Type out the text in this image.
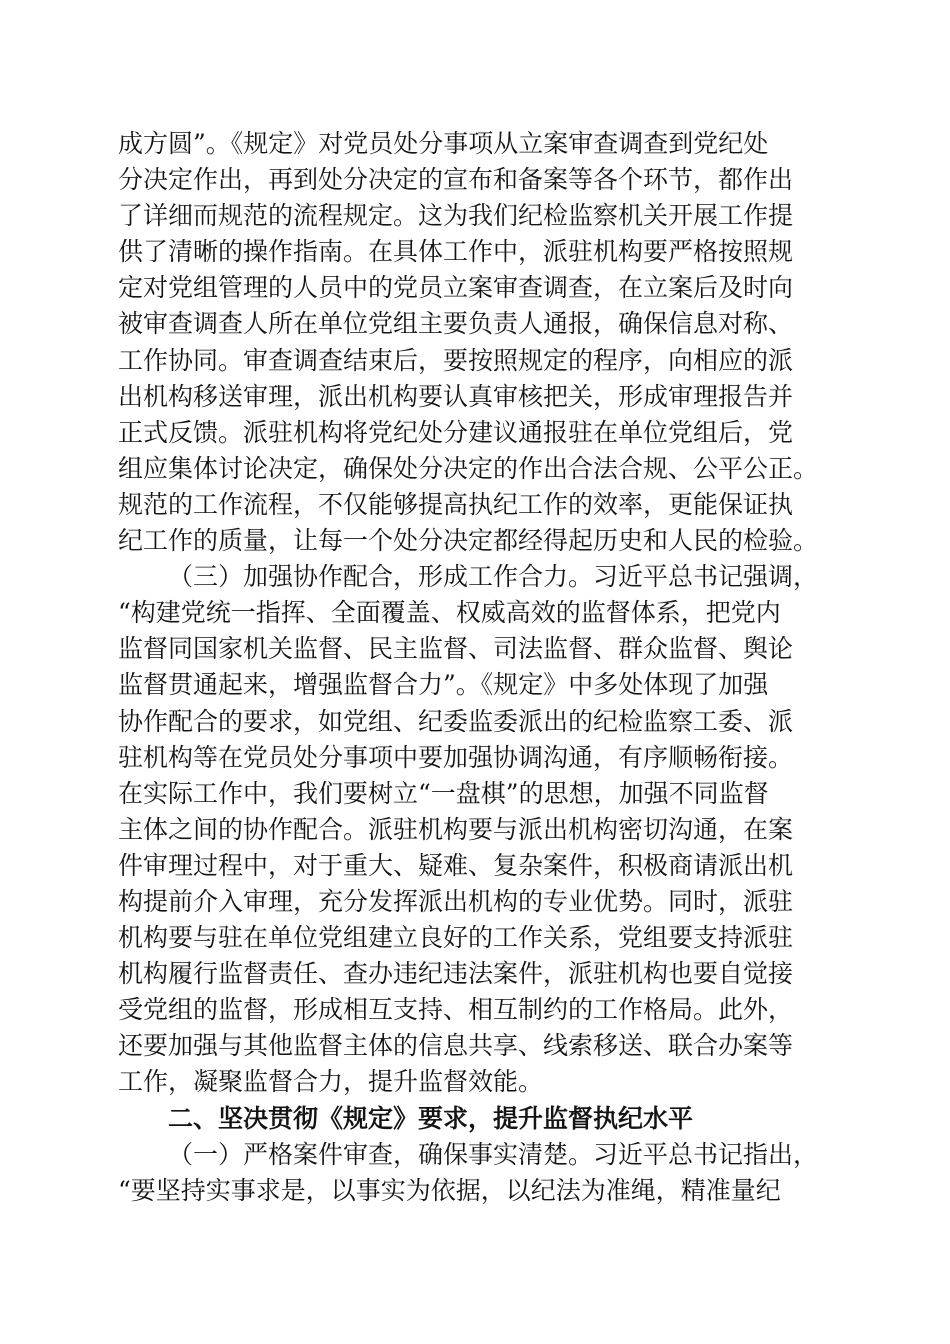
成方圆”。《规定》对党员处分事项从立案审查调查到党纪处
分决定作出，再到处分决定的宣布和备案等各个环节，都作出
了详细而规范的流程规定。这为我们纪检监察机关开展工作提
供了清晰的操作指南。在具体工作中，派驻机构要严格按照规
定对党组管理的人员中的党员立案审查调查，在立案后及时向
被审查调查人所在单位党组主要负责人通报，确保信息对称、
工作协同。审查调查结束后，要按照规定的程序，向相应的派
出机构移送审理，派出机构要认真审核把关，形成审理报告并
正式反馈。派驻机构将党纪处分建议通报驻在单位党组后，党
组应集体讨论决定，确保处分决定的作出合法合规、公平公正。
规范的工作流程，不仅能够提高执纪工作的效率，更能保证执
纪工作的质量，让每一个处分决定都经得起历史和人民的检验。
（三）加强协作配合，形成工作合力。习近平总书记强调，
“构建党统一指挥、全面覆盖、权威高效的监督体系，把党内
监督同国家机关监督、民主监督、司法监督、群众监督、舆论
监督贯通起来，增强监督合力”。《规定》中多处体现了加强
协作配合的要求，如党组、纪委监委派出的纪检监察工委、派
驻机构等在党员处分事项中要加强协调沟通，有序顺畅衔接。
在实际工作中，我们要树立“一盘棋”的思想，加强不同监督
主体之间的协作配合。派驻机构要与派出机构密切沟通，在案
件审理过程中，对于重大、疑难、复杂案件，积极商请派出机
构提前介入审理，充分发挥派出机构的专业优势。同时，派驻
机构要与驻在单位党组建立良好的工作关系，党组要支持派驻
机构履行监督责任、查办违纪违法案件，派驻机构也要自觉接
受党组的监督，形成相互支持、相互制约的工作格局。此外，
还要加强与其他监督主体的信息共享、线索移送、联合办案等
工作，凝聚监督合力，提升监督效能。
二、坚决贯彻《规定》要求，提升监督执纪水平
（一）严格案件审查，确保事实清楚。习近平总书记指出，
“要坚持实事求是，以事实为依据，以纪法为准绳，精准量纪
